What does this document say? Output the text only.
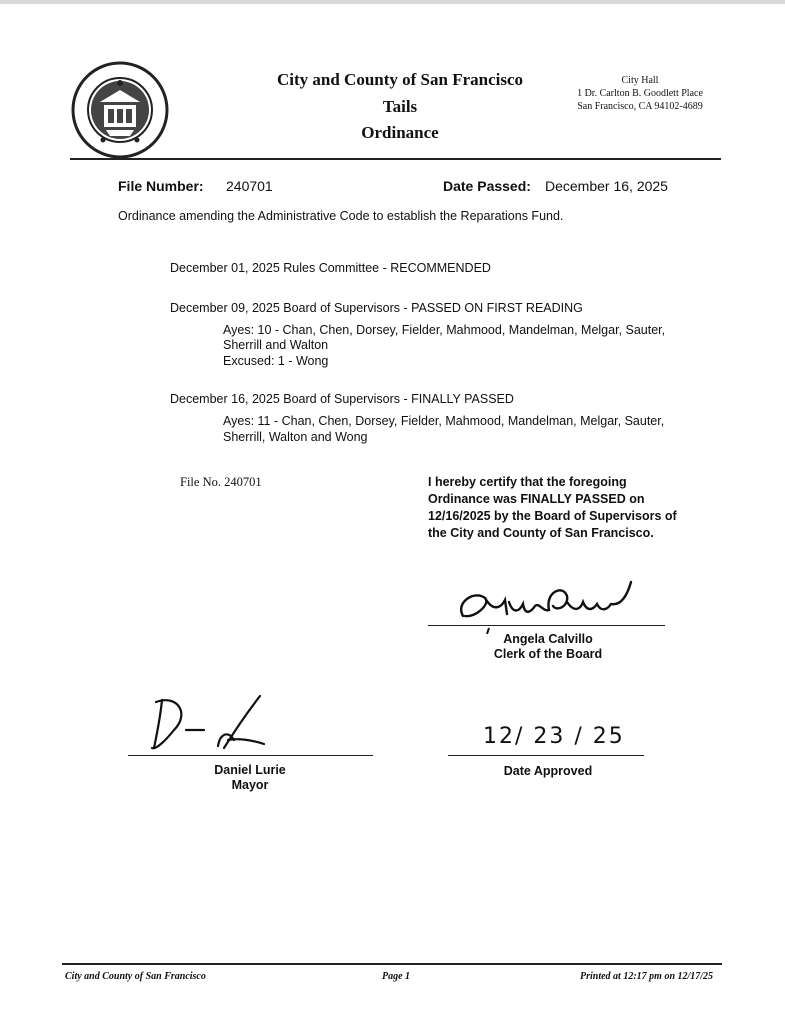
City and County of San Francisco
Tails
Ordinance
City Hall
1 Dr. Carlton B. Goodlett Place
San Francisco, CA 94102-4689
File Number: 240701	Date Passed: December 16, 2025
Ordinance amending the Administrative Code to establish the Reparations Fund.
December 01, 2025 Rules Committee - RECOMMENDED
December 09, 2025 Board of Supervisors - PASSED ON FIRST READING
Ayes: 10 - Chan, Chen, Dorsey, Fielder, Mahmood, Mandelman, Melgar, Sauter,
Sherrill and Walton
Excused: 1 - Wong
December 16, 2025 Board of Supervisors - FINALLY PASSED
Ayes: 11 - Chan, Chen, Dorsey, Fielder, Mahmood, Mandelman, Melgar, Sauter,
Sherrill, Walton and Wong
File No. 240701	I hereby certify that the foregoing
Ordinance was FINALLY PASSED on
12/16/2025 by the Board of Supervisors of
the City and County of San Francisco.
Angela Calvillo
Clerk of the Board
Daniel Lurie
Mayor
12/ 23 / 25
Date Approved
City and County of San Francisco	Page 1	Printed at 12:17 pm on 12/17/25
